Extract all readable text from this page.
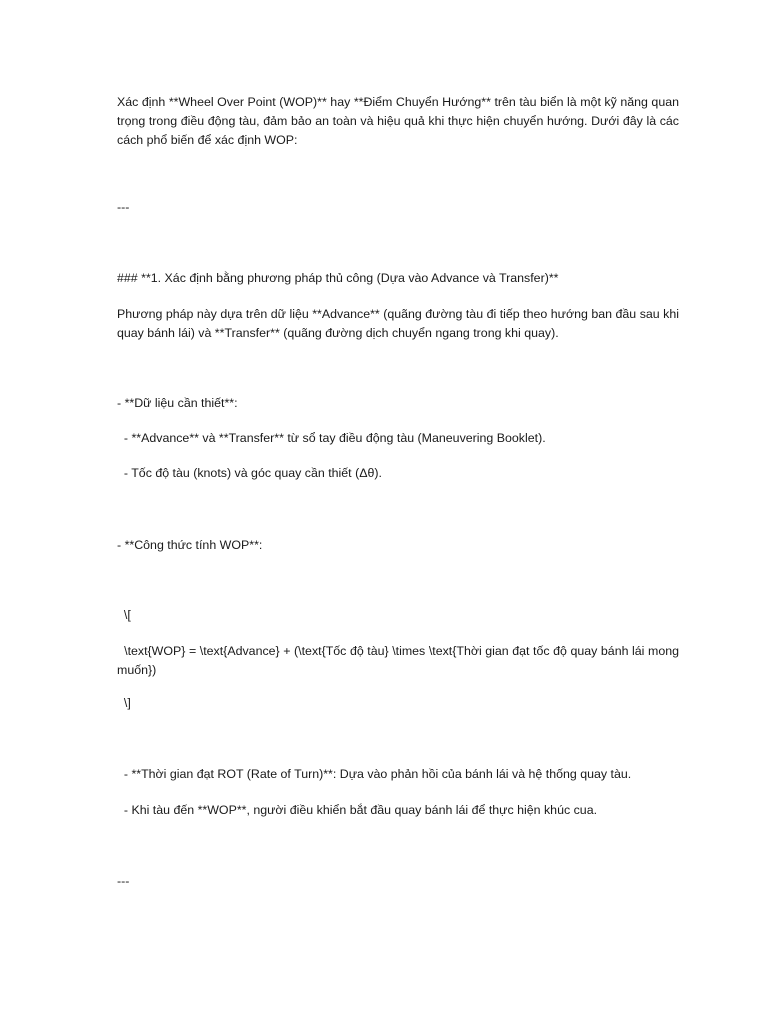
Xác định **Wheel Over Point (WOP)** hay **Điểm Chuyển Hướng** trên tàu biển là một kỹ năng quan trọng trong điều động tàu, đảm bảo an toàn và hiệu quả khi thực hiện chuyển hướng. Dưới đây là các cách phổ biến để xác định WOP:

---

### **1. Xác định bằng phương pháp thủ công (Dựa vào Advance và Transfer)**

Phương pháp này dựa trên dữ liệu **Advance** (quãng đường tàu đi tiếp theo hướng ban đầu sau khi quay bánh lái) và **Transfer** (quãng đường dịch chuyển ngang trong khi quay).

- **Dữ liệu cần thiết**:

- **Advance** và **Transfer** từ sổ tay điều động tàu (Maneuvering Booklet).

- Tốc độ tàu (knots) và góc quay cần thiết (Δθ).

- **Công thức tính WOP**:

\[

\text{WOP} = \text{Advance} + (\text{Tốc độ tàu} \times \text{Thời gian đạt tốc độ quay bánh lái mong muốn})

\]

- **Thời gian đạt ROT (Rate of Turn)**: Dựa vào phản hồi của bánh lái và hệ thống quay tàu.

- Khi tàu đến **WOP**, người điều khiển bắt đầu quay bánh lái để thực hiện khúc cua.

---
